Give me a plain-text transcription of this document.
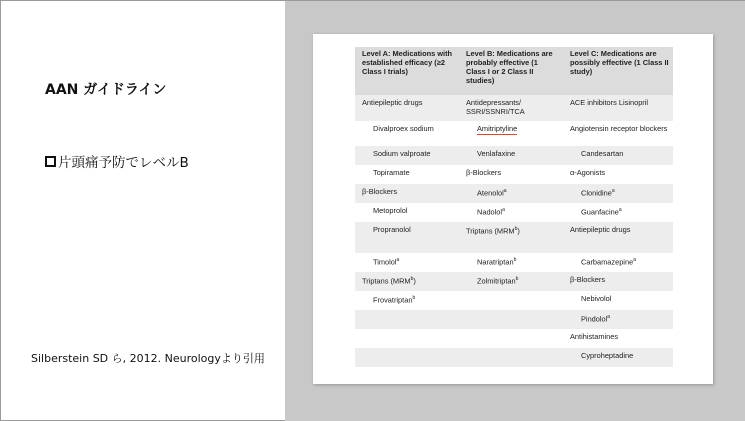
AAN ガイドライン
片頭痛予防でレベルB
Silberstein SD ら, 2012. Neurologyより引用
Level A: Medications with established efficacy (≥2 Class I trials)	Level B: Medications are probably effective (1 Class I or 2 Class II studies)	Level C: Medications are possibly effective (1 Class II study)
Antiepileptic drugs	Antidepressants/ SSRI/SSNRI/TCA	ACE inhibitors Lisinopril
Divalproex sodium	Amitriptyline	Angiotensin receptor blockers
Sodium valproate	Venlafaxine	Candesartan
Topiramate	β-Blockers	α-Agonists
β-Blockers	Atenolol$^a$	Clonidine$^a$
Metoprolol	Nadolol$^a$	Guanfacine$^a$
Propranolol	Triptans (MRM$^b$)	Antiepileptic drugs
Timolol$^a$	Naratriptan$^b$	Carbamazepine$^a$
Triptans (MRM$^b$)	Zolmitriptan$^b$	β-Blockers
Frovatriptan$^b$		Nebivolol
		Pindolol$^a$
		Antihistamines
		Cyproheptadine
